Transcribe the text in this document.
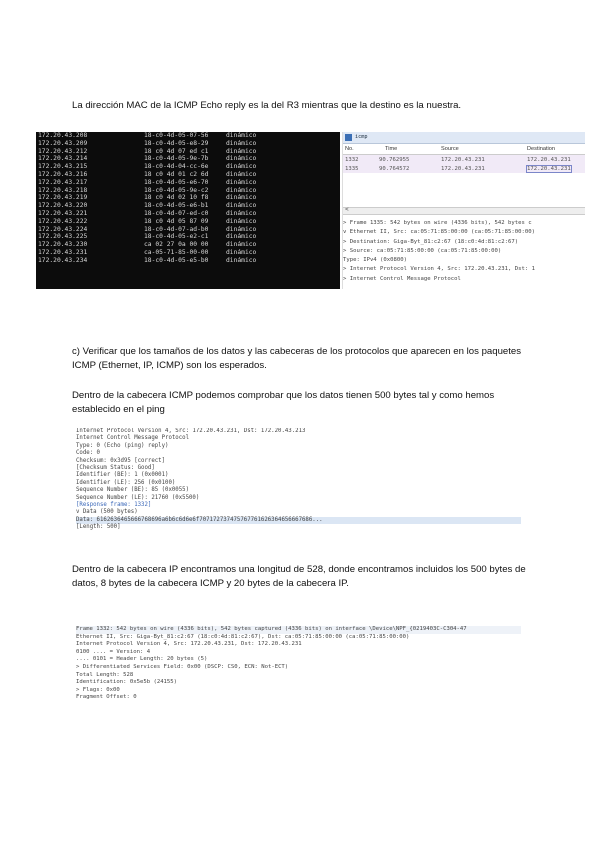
La dirección MAC de la ICMP Echo reply es la del R3 mientras que la destino es la nuestra.

172.20.43.208	18-c0-4d-05-07-56	dinámico
172.20.43.209	18-c0-4d-05-e8-29	dinámico
172.20.43.212	18 c0 4d 07 ed c1	dinámico
172.20.43.214	18-c0-4d-05-9e-7b	dinámico
172.20.43.215	18-c0-4d-04-cc-6e	dinámico
172.20.43.216	18 c0 4d 01 c2 6d	dinámico
172.20.43.217	18-c0-4d-05-e6-70	dinámico
172.20.43.218	18-c0-4d-05-9e-c2	dinámico
172.20.43.219	18 c0 4d 02 10 f8	dinámico
172.20.43.220	18-c0-4d-05-e6-b1	dinámico
172.20.43.221	18-c0-4d-07-ed-c0	dinámico
172.20.43.222	18 c0 4d 05 87 09	dinámico
172.20.43.224	18-c0-4d-07-ad-b0	dinámico
172.20.43.225	18-c0-4d-05-e2-c1	dinámico
172.20.43.230	ca 02 27 0a 00 00	dinámico
172.20.43.231	ca-05-71-85-00-00	dinámico
172.20.43.234	18-c0-4d-05-e5-b0	dinámico
icmp
No.	Time	Source	Destination
1332	90.762955	172.20.43.231	172.20.43.231
1335	90.764572	172.20.43.231	172.20.43.231
<
> Frame 1335: 542 bytes on wire (4336 bits), 542 bytes c
v Ethernet II, Src: ca:05:71:85:00:00 (ca:05:71:85:00:00)
> Destination: Giga-Byt_81:c2:67 (18:c0:4d:81:c2:67)
> Source: ca:05:71:85:00:00 (ca:05:71:85:00:00)
Type: IPv4 (0x0800)
> Internet Protocol Version 4, Src: 172.20.43.231, Dst: 1
> Internet Control Message Protocol

c) Verificar que los tamaños de los datos y las cabeceras de los protocolos que aparecen en los paquetes ICMP (Ethernet, IP, ICMP) son los esperados.

Dentro de la cabecera ICMP podemos comprobar que los datos tienen 500 bytes tal y como hemos establecido en el ping

Internet Protocol Version 4, Src: 172.20.43.231, Dst: 172.20.43.213
Internet Control Message Protocol
Type: 0 (Echo (ping) reply)
Code: 0
Checksum: 0x3d95 [correct]
[Checksum Status: Good]
Identifier (BE): 1 (0x0001)
Identifier (LE): 256 (0x0100)
Sequence Number (BE): 85 (0x0055)
Sequence Number (LE): 21760 (0x5500)
[Response frame: 1332]
v Data (500 bytes)
Data: 6162636465666768696a6b6c6d6e6f707172737475767761626364656667686...
[Length: 500]

Dentro de la cabecera IP encontramos una longitud de 528, donde encontramos incluidos los 500 bytes de datos, 8 bytes de la cabecera ICMP y 20 bytes de la cabecera IP.

Frame 1332: 542 bytes on wire (4336 bits), 542 bytes captured (4336 bits) on interface \Device\NPF_{0219403C-C304-47
Ethernet II, Src: Giga-Byt_81:c2:67 (18:c0:4d:81:c2:67), Dst: ca:05:71:85:00:00 (ca:05:71:85:00:00)
Internet Protocol Version 4, Src: 172.20.43.231, Dst: 172.20.43.231
0100 .... = Version: 4
.... 0101 = Header Length: 20 bytes (5)
> Differentiated Services Field: 0x00 (DSCP: CS0, ECN: Not-ECT)
Total Length: 528
Identification: 0x5e5b (24155)
> Flags: 0x00
Fragment Offset: 0
